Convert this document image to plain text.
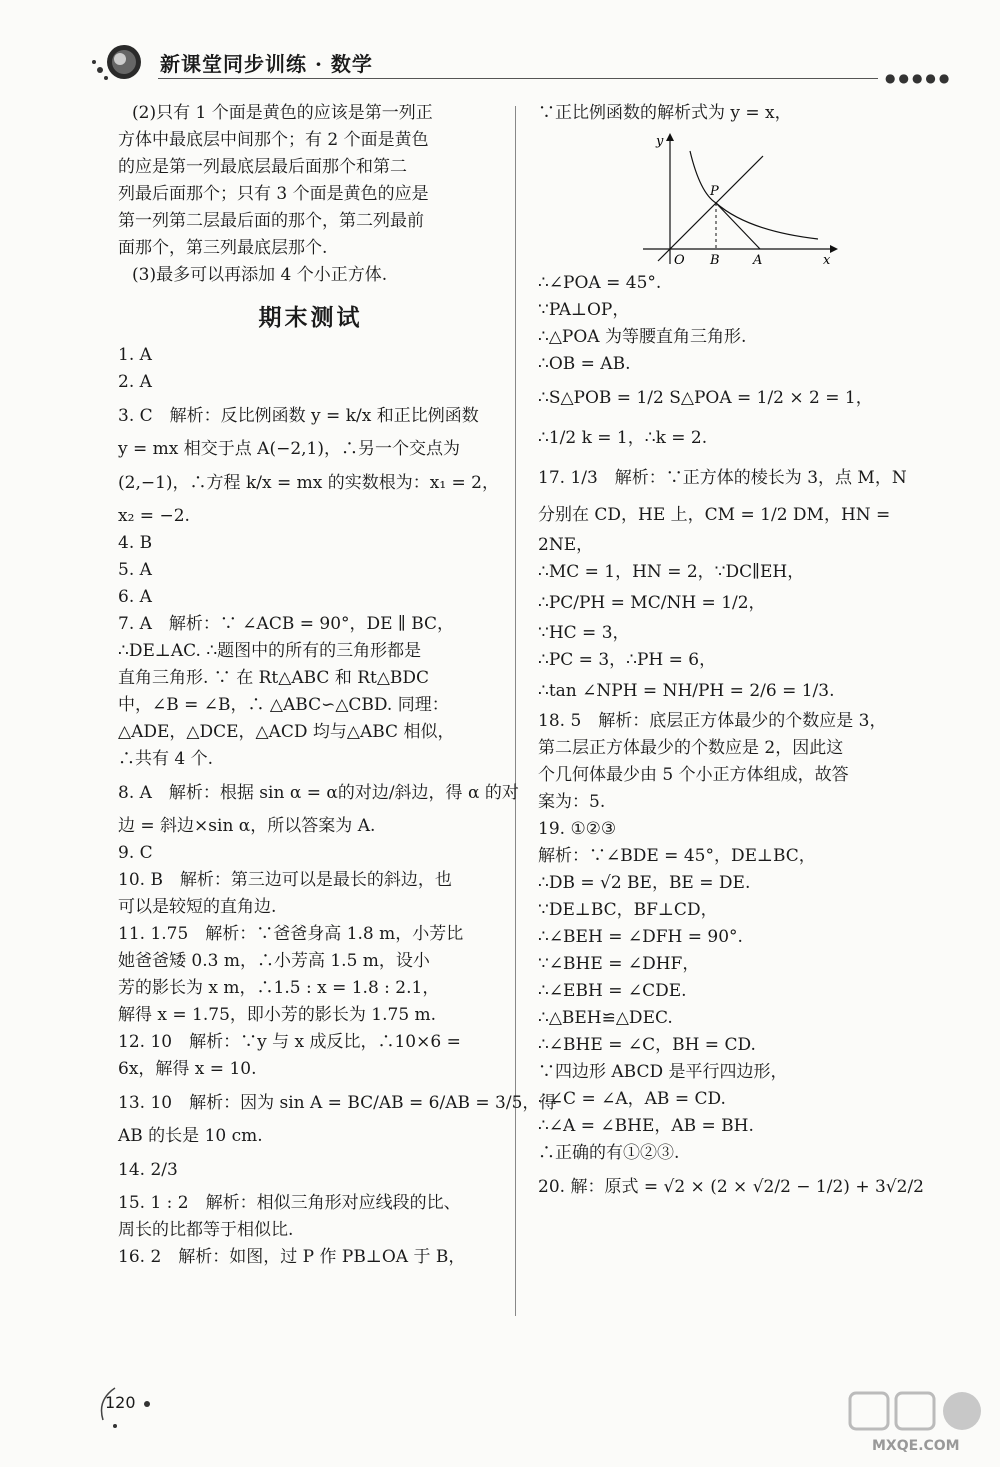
新课堂同步训练 · 数学
●●●●●
(2)只有 1 个面是黄色的应该是第一列正
方体中最底层中间那个；有 2 个面是黄色
的应是第一列最底层最后面那个和第二
列最后面那个；只有 3 个面是黄色的应是
第一列第二层最后面的那个，第二列最前
面那个，第三列最底层那个.
(3)最多可以再添加 4 个小正方体.
期末测试
1. A
2. A
3. C　解析：反比例函数 y = k/x 和正比例函数
y = mx 相交于点 A(−2,1)，∴另一个交点为
(2,−1)，∴方程 k/x = mx 的实数根为：x₁ = 2，
x₂ = −2.
4. B
5. A
6. A
7. A　解析：∵ ∠ACB = 90°，DE ∥ BC，
∴DE⊥AC. ∴题图中的所有的三角形都是
直角三角形. ∵ 在 Rt△ABC 和 Rt△BDC
中，∠B = ∠B，∴ △ABC∽△CBD. 同理：
△ADE，△DCE，△ACD 均与△ABC 相似，
∴共有 4 个.
8. A　解析：根据 sin α = α的对边/斜边，得 α 的对
边 = 斜边×sin α，所以答案为 A.
9. C
10. B　解析：第三边可以是最长的斜边，也
可以是较短的直角边.
11. 1.75　解析：∵爸爸身高 1.8 m，小芳比
她爸爸矮 0.3 m，∴小芳高 1.5 m，设小
芳的影长为 x m，∴1.5 : x = 1.8 : 2.1，
解得 x = 1.75，即小芳的影长为 1.75 m.
12. 10　解析：∵y 与 x 成反比，∴10×6 =
6x，解得 x = 10.
13. 10　解析：因为 sin A = BC/AB = 6/AB = 3/5，得
AB 的长是 10 cm.
14. 2/3
15. 1 : 2　解析：相似三角形对应线段的比、
周长的比都等于相似比.
16. 2　解析：如图，过 P 作 PB⊥OA 于 B，
∵正比例函数的解析式为 y = x，
y
x
O B	A
P
∴∠POA = 45°.
∵PA⊥OP，
∴△POA 为等腰直角三角形.
∴OB = AB.
∴S△POB = 1/2 S△POA = 1/2 × 2 = 1，
∴1/2 k = 1，∴k = 2.
17. 1/3　解析：∵正方体的棱长为 3，点 M，N
分别在 CD，HE 上，CM = 1/2 DM，HN =
2NE，
∴MC = 1，HN = 2，∵DC∥EH，
∴PC/PH = MC/NH = 1/2，
∵HC = 3，
∴PC = 3，∴PH = 6，
∴tan ∠NPH = NH/PH = 2/6 = 1/3.
18. 5　解析：底层正方体最少的个数应是 3，
第二层正方体最少的个数应是 2，因此这
个几何体最少由 5 个小正方体组成，故答
案为：5.
19. ①②③
解析：∵∠BDE = 45°，DE⊥BC，
∴DB = √2 BE，BE = DE.
∵DE⊥BC，BF⊥CD，
∴∠BEH = ∠DFH = 90°.
∵∠BHE = ∠DHF，
∴∠EBH = ∠CDE.
∴△BEH≌△DEC.
∴∠BHE = ∠C，BH = CD.
∵四边形 ABCD 是平行四边形，
∴∠C = ∠A，AB = CD.
∴∠A = ∠BHE，AB = BH.
∴正确的有①②③.
20. 解：原式 = √2 × (2 × √2/2 − 1/2) + 3√2/2
120
MXQE.COM
